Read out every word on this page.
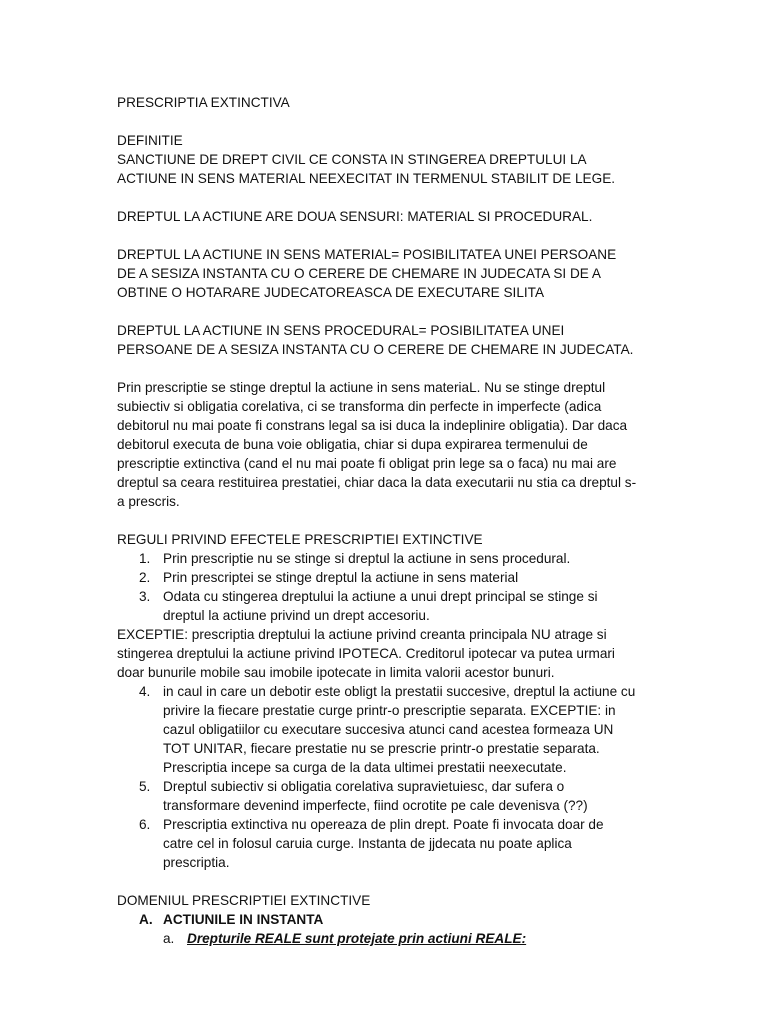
PRESCRIPTIA EXTINCTIVA

DEFINITIE

SANCTIUNE DE DREPT CIVIL CE CONSTA IN STINGEREA DREPTULUI LA ACTIUNE IN SENS MATERIAL NEEXECITAT IN TERMENUL STABILIT DE LEGE.

DREPTUL LA ACTIUNE ARE DOUA SENSURI: MATERIAL SI PROCEDURAL.

DREPTUL LA ACTIUNE IN SENS MATERIAL= POSIBILITATEA UNEI PERSOANE DE A SESIZA INSTANTA CU O CERERE DE CHEMARE IN JUDECATA SI DE A OBTINE O HOTARARE JUDECATOREASCA DE EXECUTARE SILITA

DREPTUL LA ACTIUNE IN SENS PROCEDURAL= POSIBILITATEA UNEI PERSOANE DE A SESIZA INSTANTA CU O CERERE DE CHEMARE IN JUDECATA.

Prin prescriptie se stinge dreptul la actiune in sens materiaL. Nu se stinge dreptul subiectiv si obligatia corelativa, ci se transforma din perfecte in imperfecte (adica debitorul nu mai poate fi constrans legal sa isi duca la indeplinire obligatia). Dar daca debitorul executa de buna voie obligatia, chiar si dupa expirarea termenului de prescriptie extinctiva (cand el nu mai poate fi obligat prin lege sa o faca) nu mai are dreptul sa ceara restituirea prestatiei, chiar daca la data executarii nu stia ca dreptul s-a prescris.

REGULI PRIVIND EFECTELE PRESCRIPTIEI EXTINCTIVE

1. Prin prescriptie nu se stinge si dreptul la actiune in sens procedural.
2. Prin prescriptei se stinge dreptul la actiune in sens material
3. Odata cu stingerea dreptului la actiune a unui drept principal se stinge si dreptul la actiune privind un drept accesoriu.

EXCEPTIE: prescriptia dreptului la actiune privind creanta principala NU atrage si stingerea dreptului la actiune privind IPOTECA. Creditorul ipotecar va putea urmari doar bunurile mobile sau imobile ipotecate in limita valorii acestor bunuri.

4. in caul in care un debotir este obligt la prestatii succesive, dreptul la actiune cu privire la fiecare prestatie curge printr-o prescriptie separata. EXCEPTIE: in cazul obligatiilor cu executare succesiva atunci cand acestea formeaza UN TOT UNITAR, fiecare prestatie nu se prescrie printr-o prestatie separata. Prescriptia incepe sa curga de la data ultimei prestatii neexecutate.
5. Dreptul subiectiv si obligatia corelativa supravietuiesc, dar sufera o transformare devenind imperfecte, fiind ocrotite pe cale devenisva (??)
6. Prescriptia extinctiva nu opereaza de plin drept. Poate fi invocata doar de catre cel in folosul caruia curge. Instanta de jjdecata nu poate aplica prescriptia.

DOMENIUL PRESCRIPTIEI EXTINCTIVE

A. ACTIUNILE IN INSTANTA
a. Drepturile REALE sunt protejate prin actiuni REALE:
